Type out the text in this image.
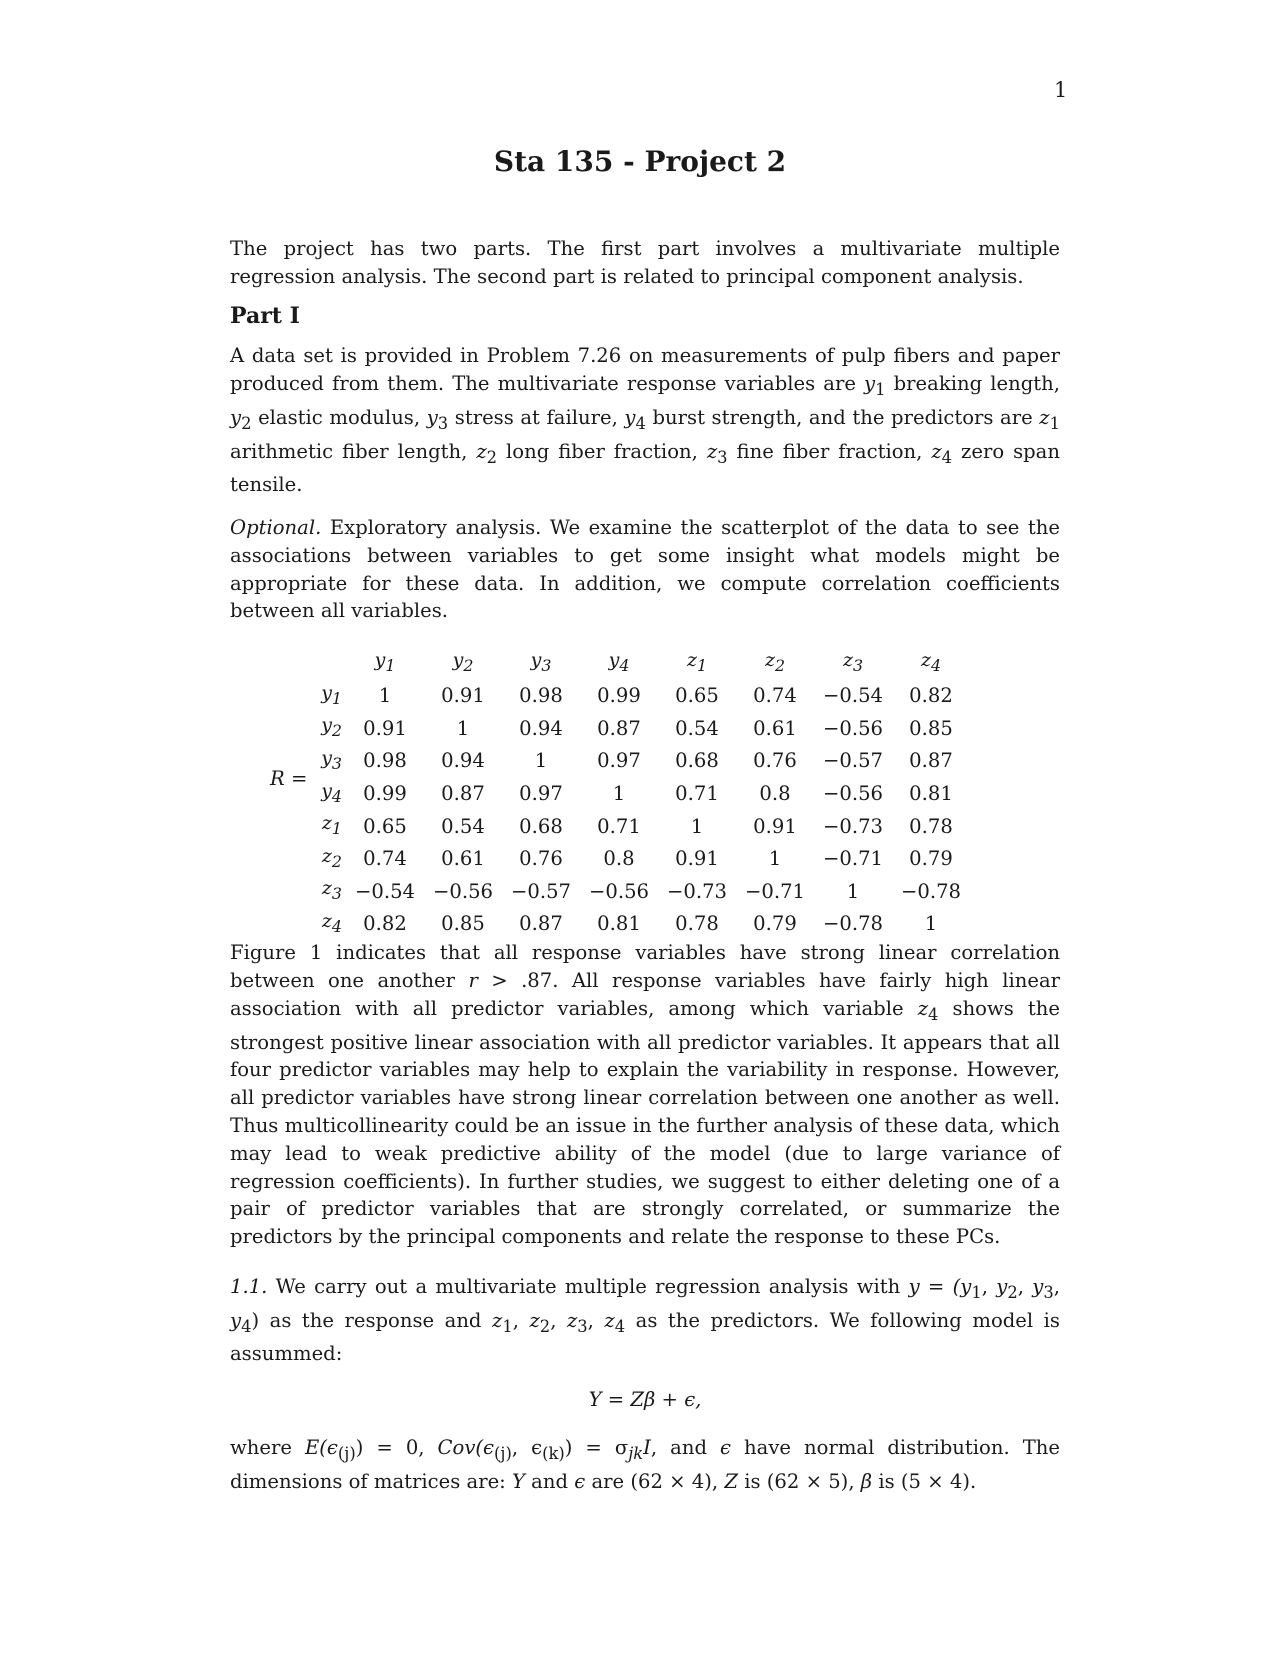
1
Sta 135 - Project 2

The project has two parts. The first part involves a multivariate multiple regression analysis. The second part is related to principal component analysis.

Part I

A data set is provided in Problem 7.26 on measurements of pulp fibers and paper produced from them. The multivariate response variables are $y_1$ breaking length, $y_2$ elastic modulus, $y_3$ stress at failure, $y_4$ burst strength, and the predictors are $z_1$ arithmetic fiber length, $z_2$ long fiber fraction, $z_3$ fine fiber fraction, $z_4$ zero span tensile.

Optional. Exploratory analysis. We examine the scatterplot of the data to see the associations between variables to get some insight what models might be appropriate for these data. In addition, we compute correlation coefficients between all variables.

R =
	$y_1$	$y_2$	$y_3$	$y_4$	$z_1$	$z_2$	$z_3$	$z_4$
$y_1$	1	0.91	0.98	0.99	0.65	0.74	−0.54	0.82
$y_2$	0.91	1	0.94	0.87	0.54	0.61	−0.56	0.85
$y_3$	0.98	0.94	1	0.97	0.68	0.76	−0.57	0.87
$y_4$	0.99	0.87	0.97	1	0.71	0.8	−0.56	0.81
$z_1$	0.65	0.54	0.68	0.71	1	0.91	−0.73	0.78
$z_2$	0.74	0.61	0.76	0.8	0.91	1	−0.71	0.79
$z_3$	−0.54	−0.56	−0.57	−0.56	−0.73	−0.71	1	−0.78
$z_4$	0.82	0.85	0.87	0.81	0.78	0.79	−0.78	1

Figure 1 indicates that all response variables have strong linear correlation between one another r > .87. All response variables have fairly high linear association with all predictor variables, among which variable $z_4$ shows the strongest positive linear association with all predictor variables. It appears that all four predictor variables may help to explain the variability in response. However, all predictor variables have strong linear correlation between one another as well. Thus multicollinearity could be an issue in the further analysis of these data, which may lead to weak predictive ability of the model (due to large variance of regression coefficients). In further studies, we suggest to either deleting one of a pair of predictor variables that are strongly correlated, or summarize the predictors by the principal components and relate the response to these PCs.

1.1. We carry out a multivariate multiple regression analysis with $y = (y_1$, $y_2$, $y_3$, $y_4$) as the response and $z_1$, $z_2$, $z_3$, $z_4$ as the predictors. We following model is assummed:

Y = Zβ + ϵ,

where $E(\epsilon_{(j)}) = 0$, $Cov(\epsilon_{(j)}$, $\epsilon_{(k)}) = \sigma_{jk}I$, and ϵ have normal distribution. The dimensions of matrices are: Y and ϵ are (62 × 4), Z is (62 × 5), β is (5 × 4).
